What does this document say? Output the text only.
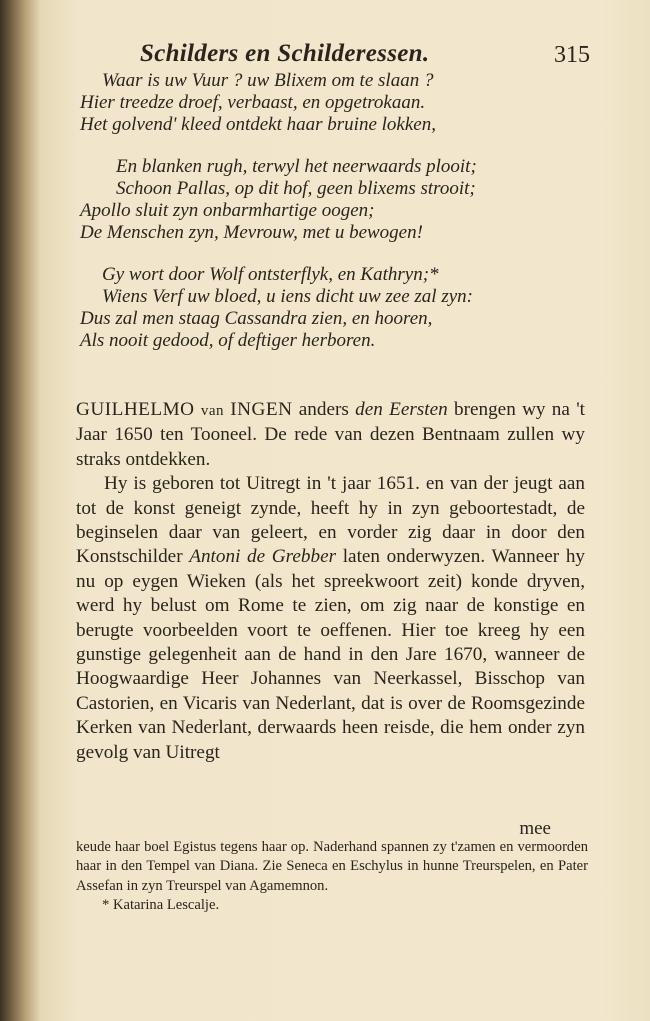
Schilders en Schilderessen.	315
Waar is uw Vuur ? uw Blixem om te slaan ?
Hier treedze droef, verbaast, en opgetrokaan.
Het golvend' kleed ontdekt haar bruine lokken,
En blanken rugh, terwyl het neerwaards plooit;
Schoon Pallas, op dit hof, geen blixems strooit;
Apollo sluit zyn onbarmhartige oogen;
De Menschen zyn, Mevrouw, met u bewogen!
Gy wort door Wolf ontsterflyk, en Kathryn;*
Wiens Verf uw bloed, u iens dicht uw zee zal zyn:
Dus zal men staag Cassandra zien, en hooren,
Als nooit gedood, of deftiger herboren.

GUILHELMO van INGEN anders den Eersten brengen wy na 't Jaar 1650 ten Tooneel. De rede van dezen Bentnaam zullen wy straks ontdekken.

Hy is geboren tot Uitregt in 't jaar 1651. en van der jeugt aan tot de konst geneigt zynde, heeft hy in zyn geboortestadt, de beginselen daar van geleert, en vorder zig daar in door den Konstschilder Antoni de Grebber laten onderwyzen. Wanneer hy nu op eygen Wieken (als het spreekwoort zeit) konde dryven, werd hy belust om Rome te zien, om zig naar de konstige en berugte voorbeelden voort te oeffenen. Hier toe kreeg hy een gunstige gelegenheit aan de hand in den Jare 1670, wanneer de Hoogwaardige Heer Johannes van Neerkassel, Bisschop van Castorien, en Vicaris van Nederlant, dat is over de Roomsgezinde Kerken van Nederlant, derwaards heen reisde, die hem onder zyn gevolg van Uitregt

mee

keude haar boel Egistus tegens haar op. Naderhand spannen zy t'zamen en vermoorden haar in den Tempel van Diana. Zie Seneca en Eschylus in hunne Treurspelen, en Pater Assefan in zyn Treurspel van Agamemnon.

* Katarina Lescalje.
